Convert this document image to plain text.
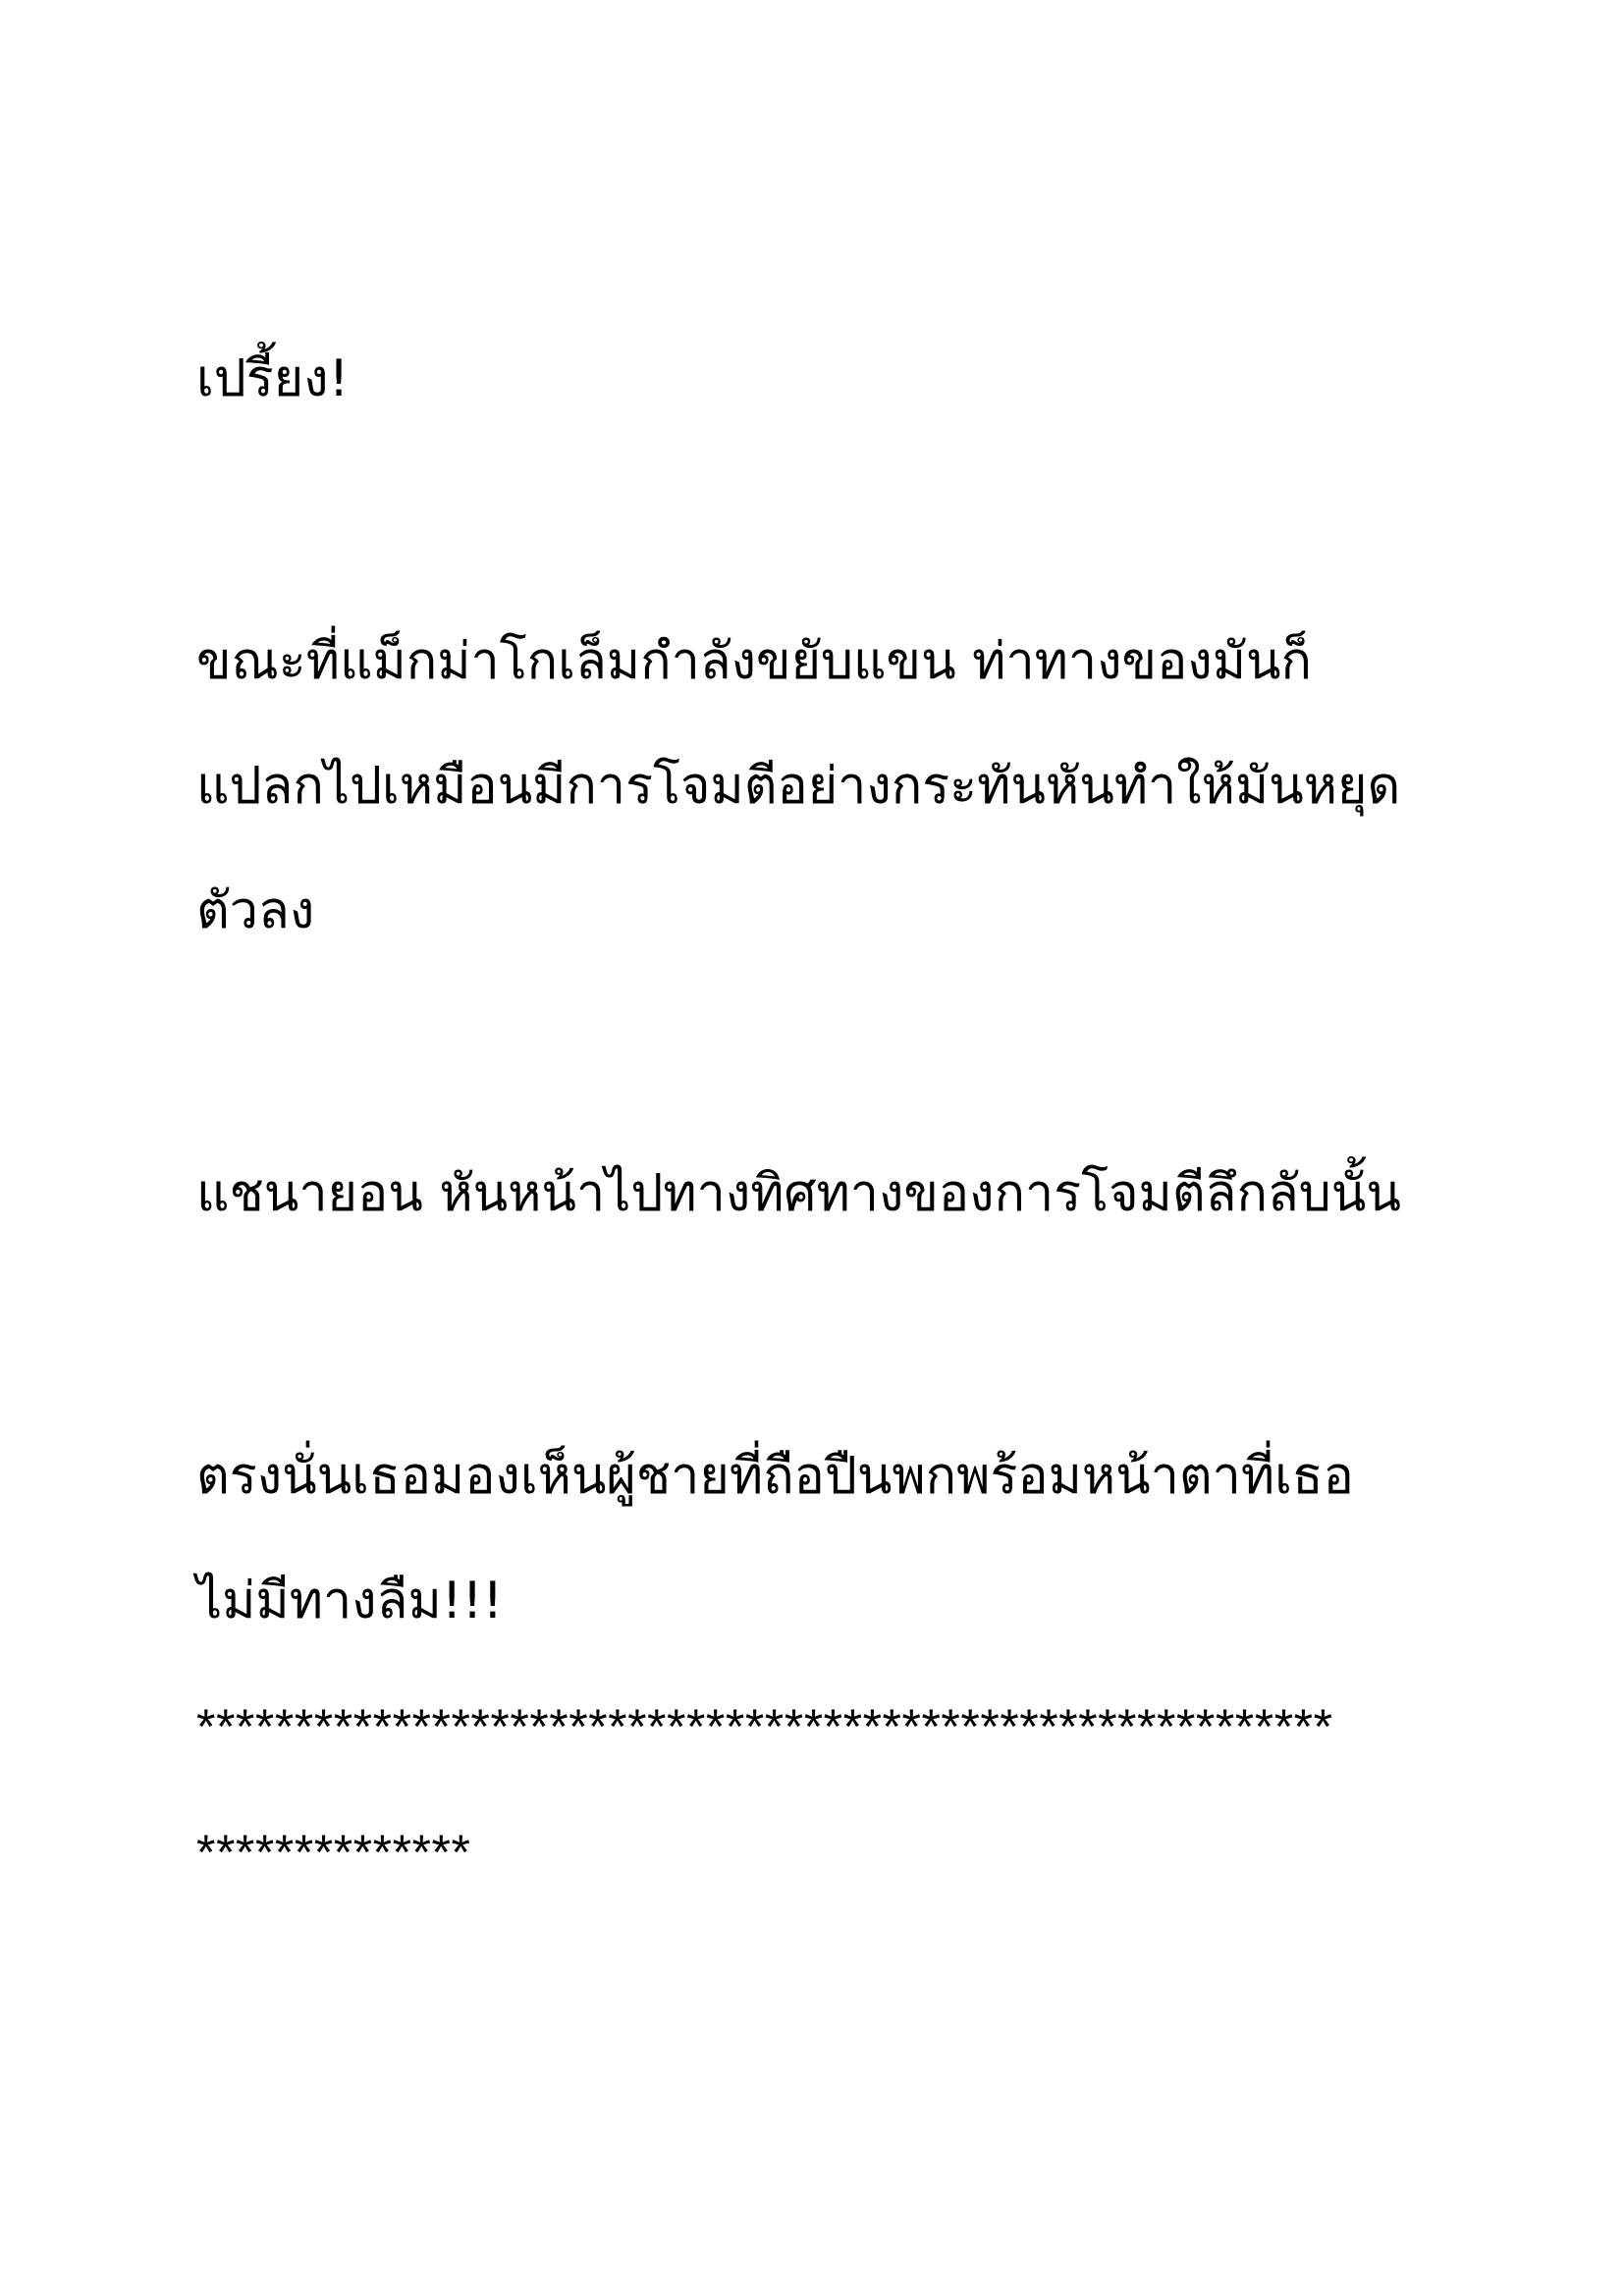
เปรี้ยง!

ขณะที่แม็กม่าโกเล็มกำลังขยับแขน ท่าทางของมันก็

แปลกไปเหมือนมีการโจมตีอย่างกระทันหันทำให้มันหยุด

ตัวลง

แชนายอน หันหน้าไปทางทิศทางของการโจมตีลึกลับนั้น

ตรงนั่นเธอมองเห็นผู้ชายที่ถือปืนพกพร้อมหน้าตาที่เธอ

ไม่มีทางลืม!!!

**********************************************************

**************
